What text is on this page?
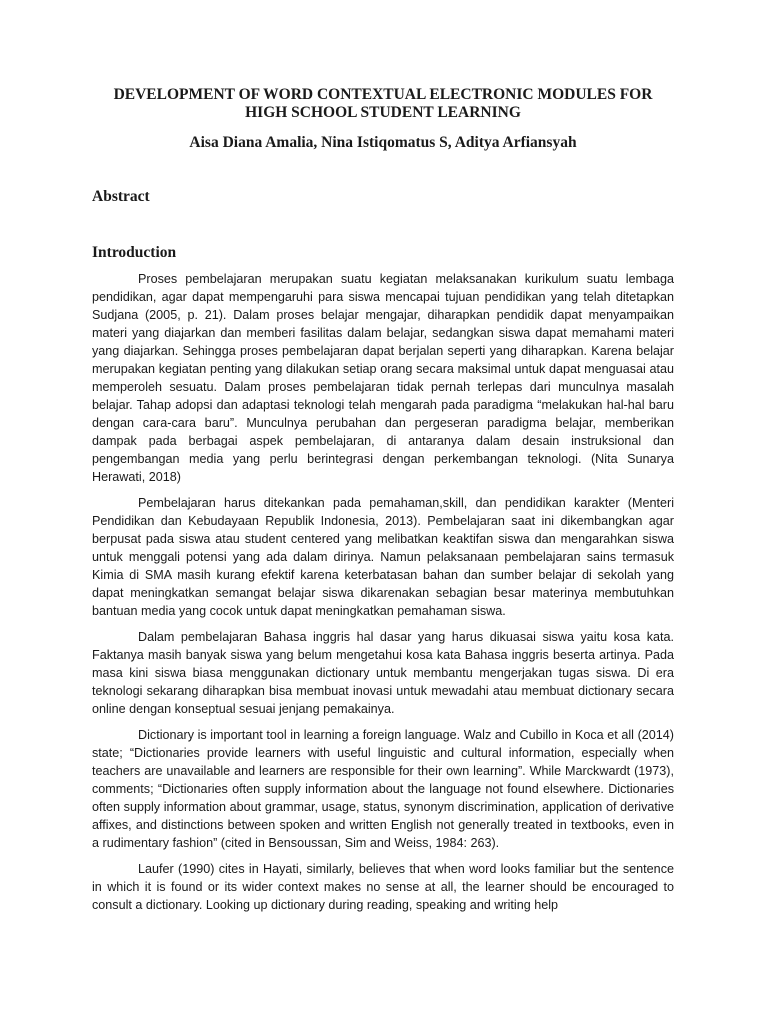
DEVELOPMENT OF WORD CONTEXTUAL ELECTRONIC MODULES FOR
HIGH SCHOOL STUDENT LEARNING

Aisa Diana Amalia, Nina Istiqomatus S, Aditya Arfiansyah

Abstract

Introduction

Proses pembelajaran merupakan suatu kegiatan melaksanakan kurikulum suatu lembaga pendidikan, agar dapat mempengaruhi para siswa mencapai tujuan pendidikan yang telah ditetapkan Sudjana (2005, p. 21). Dalam proses belajar mengajar, diharapkan pendidik dapat menyampaikan materi yang diajarkan dan memberi fasilitas dalam belajar, sedangkan siswa dapat memahami materi yang diajarkan. Sehingga proses pembelajaran dapat berjalan seperti yang diharapkan. Karena belajar merupakan kegiatan penting yang dilakukan setiap orang secara maksimal untuk dapat menguasai atau memperoleh sesuatu. Dalam proses pembelajaran tidak pernah terlepas dari munculnya masalah belajar. Tahap adopsi dan adaptasi teknologi telah mengarah pada paradigma “melakukan hal-hal baru dengan cara-cara baru”. Munculnya perubahan dan pergeseran paradigma belajar, memberikan dampak pada berbagai aspek pembelajaran, di antaranya dalam desain instruksional dan pengembangan media yang perlu berintegrasi dengan perkembangan teknologi. (Nita Sunarya Herawati, 2018)

Pembelajaran harus ditekankan pada pemahaman,skill, dan pendidikan karakter (Menteri Pendidikan dan Kebudayaan Republik Indonesia, 2013). Pembelajaran saat ini dikembangkan agar berpusat pada siswa atau student centered yang melibatkan keaktifan siswa dan mengarahkan siswa untuk menggali potensi yang ada dalam dirinya. Namun pelaksanaan pembelajaran sains termasuk Kimia di SMA masih kurang efektif karena keterbatasan bahan dan sumber belajar di sekolah yang dapat meningkatkan semangat belajar siswa dikarenakan sebagian besar materinya membutuhkan bantuan media yang cocok untuk dapat meningkatkan pemahaman siswa.

Dalam pembelajaran Bahasa inggris hal dasar yang harus dikuasai siswa yaitu kosa kata. Faktanya masih banyak siswa yang belum mengetahui kosa kata Bahasa inggris beserta artinya. Pada masa kini siswa biasa menggunakan dictionary untuk membantu mengerjakan tugas siswa. Di era teknologi sekarang diharapkan bisa membuat inovasi untuk mewadahi atau membuat dictionary secara online dengan konseptual sesuai jenjang pemakainya.

Dictionary is important tool in learning a foreign language. Walz and Cubillo in Koca et all (2014) state; “Dictionaries provide learners with useful linguistic and cultural information, especially when teachers are unavailable and learners are responsible for their own learning”. While Marckwardt (1973), comments; “Dictionaries often supply information about the language not found elsewhere. Dictionaries often supply information about grammar, usage, status, synonym discrimination, application of derivative affixes, and distinctions between spoken and written English not generally treated in textbooks, even in a rudimentary fashion” (cited in Bensoussan, Sim and Weiss, 1984: 263).

Laufer (1990) cites in Hayati, similarly, believes that when word looks familiar but the sentence in which it is found or its wider context makes no sense at all, the learner should be encouraged to consult a dictionary. Looking up dictionary during reading, speaking and writing help
